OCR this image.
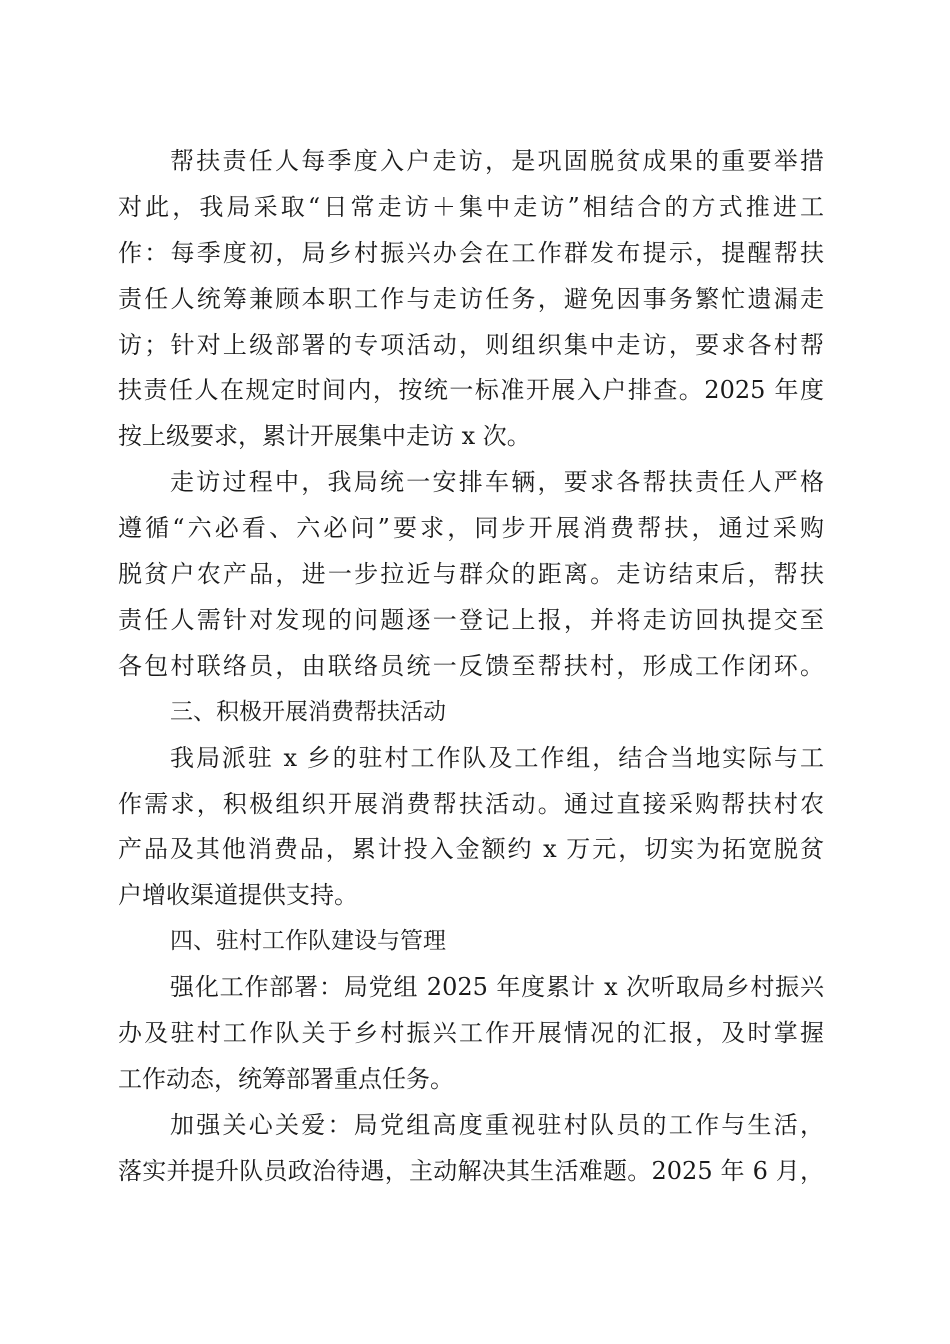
帮扶责任人每季度入户走访，是巩固脱贫成果的重要举措
对此，我局采取“日常走访＋集中走访”相结合的方式推进工
作：每季度初，局乡村振兴办会在工作群发布提示，提醒帮扶
责任人统筹兼顾本职工作与走访任务，避免因事务繁忙遗漏走
访；针对上级部署的专项活动，则组织集中走访，要求各村帮
扶责任人在规定时间内，按统一标准开展入户排查。2025 年度
按上级要求，累计开展集中走访 x 次。
走访过程中，我局统一安排车辆，要求各帮扶责任人严格
遵循“六必看、六必问”要求，同步开展消费帮扶，通过采购
脱贫户农产品，进一步拉近与群众的距离。走访结束后，帮扶
责任人需针对发现的问题逐一登记上报，并将走访回执提交至
各包村联络员，由联络员统一反馈至帮扶村，形成工作闭环。
三、积极开展消费帮扶活动
我局派驻 x 乡的驻村工作队及工作组，结合当地实际与工
作需求，积极组织开展消费帮扶活动。通过直接采购帮扶村农
产品及其他消费品，累计投入金额约 x 万元，切实为拓宽脱贫
户增收渠道提供支持。
四、驻村工作队建设与管理
强化工作部署：局党组 2025 年度累计 x 次听取局乡村振兴
办及驻村工作队关于乡村振兴工作开展情况的汇报，及时掌握
工作动态，统筹部署重点任务。
加强关心关爱：局党组高度重视驻村队员的工作与生活，
落实并提升队员政治待遇，主动解决其生活难题。2025 年 6 月，
